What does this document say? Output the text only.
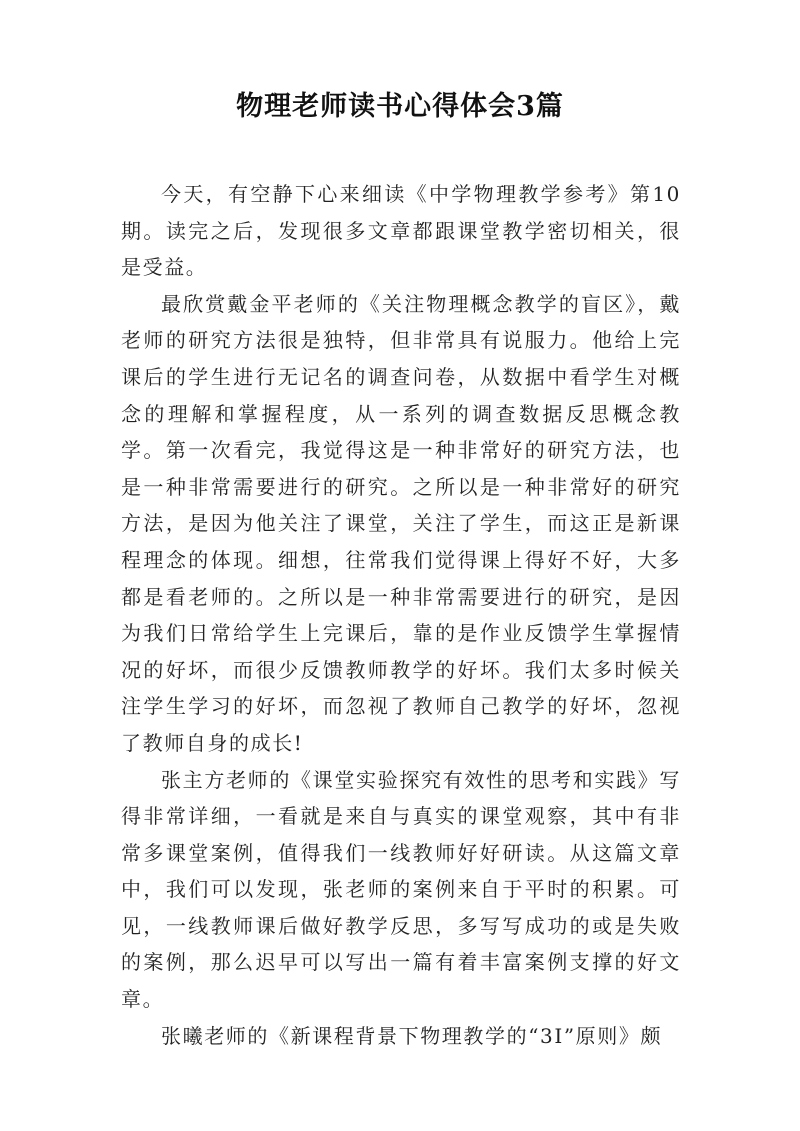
物理老师读书心得体会3篇

今天，有空静下心来细读《中学物理教学参考》第10期。读完之后，发现很多文章都跟课堂教学密切相关，很是受益。

最欣赏戴金平老师的《关注物理概念教学的盲区》，戴老师的研究方法很是独特，但非常具有说服力。他给上完课后的学生进行无记名的调查问卷，从数据中看学生对概念的理解和掌握程度，从一系列的调查数据反思概念教学。第一次看完，我觉得这是一种非常好的研究方法，也是一种非常需要进行的研究。之所以是一种非常好的研究方法，是因为他关注了课堂，关注了学生，而这正是新课程理念的体现。细想，往常我们觉得课上得好不好，大多都是看老师的。之所以是一种非常需要进行的研究，是因为我们日常给学生上完课后，靠的是作业反馈学生掌握情况的好坏，而很少反馈教师教学的好坏。我们太多时候关注学生学习的好坏，而忽视了教师自己教学的好坏，忽视了教师自身的成长!

张主方老师的《课堂实验探究有效性的思考和实践》写得非常详细，一看就是来自与真实的课堂观察，其中有非常多课堂案例，值得我们一线教师好好研读。从这篇文章中，我们可以发现，张老师的案例来自于平时的积累。可见，一线教师课后做好教学反思，多写写成功的或是失败的案例，那么迟早可以写出一篇有着丰富案例支撑的好文章。

张曦老师的《新课程背景下物理教学的“3I”原则》颇
